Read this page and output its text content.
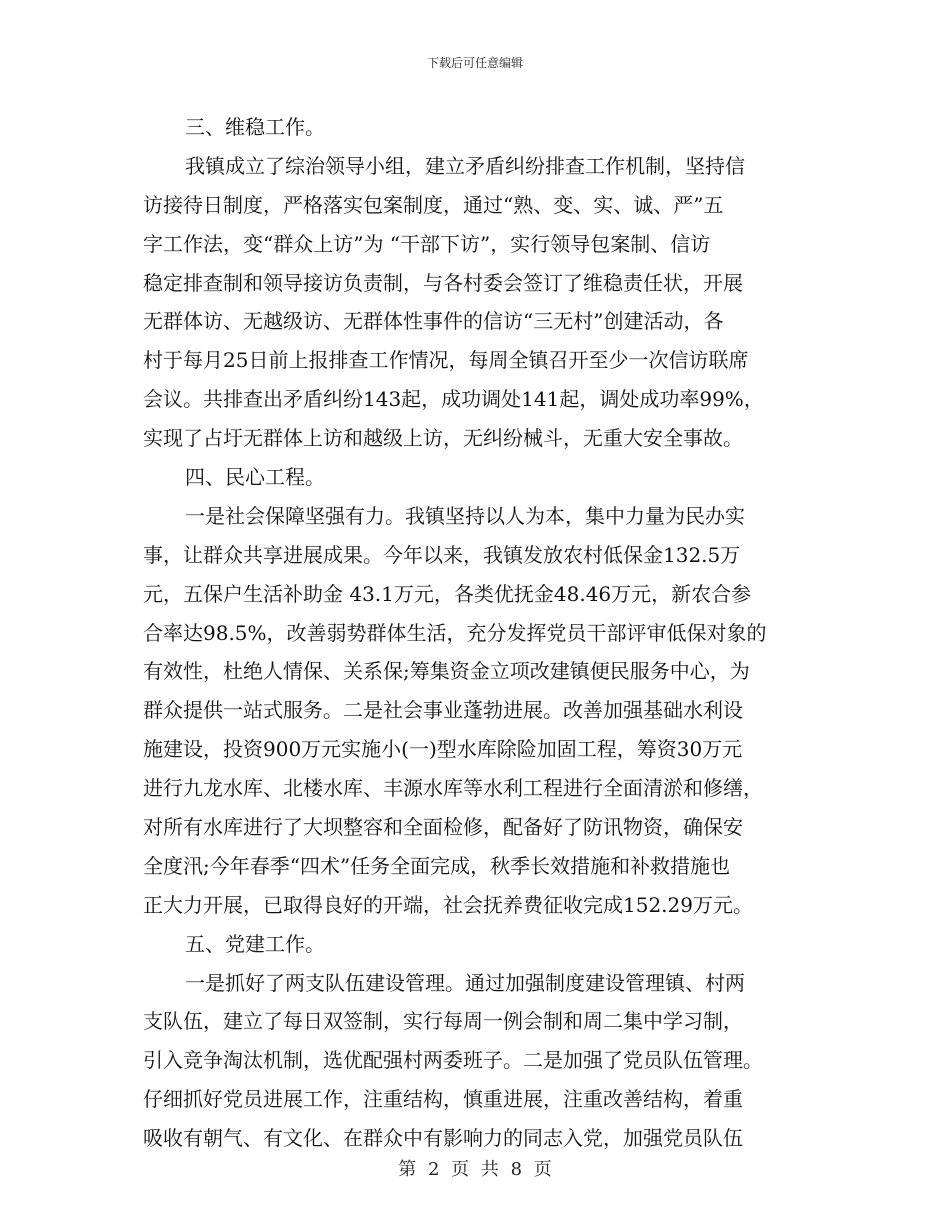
下载后可任意编辑
三、维稳工作。
我镇成立了综治领导小组，建立矛盾纠纷排查工作机制，坚持信
访接待日制度，严格落实包案制度，通过“熟、变、实、诚、严”五
字工作法，变“群众上访”为 “干部下访”，实行领导包案制、信访
稳定排查制和领导接访负责制，与各村委会签订了维稳责任状，开展
无群体访、无越级访、无群体性事件的信访“三无村”创建活动，各
村于每月25日前上报排查工作情况，每周全镇召开至少一次信访联席
会议。共排查出矛盾纠纷143起，成功调处141起，调处成功率99%，
实现了占圩无群体上访和越级上访，无纠纷械斗，无重大安全事故。
四、民心工程。
一是社会保障坚强有力。我镇坚持以人为本，集中力量为民办实
事，让群众共享进展成果。今年以来，我镇发放农村低保金132.5万
元，五保户生活补助金 43.1万元，各类优抚金48.46万元，新农合参
合率达98.5%，改善弱势群体生活，充分发挥党员干部评审低保对象的
有效性，杜绝人情保、关系保;筹集资金立项改建镇便民服务中心，为
群众提供一站式服务。二是社会事业蓬勃进展。改善加强基础水利设
施建设，投资900万元实施小(一)型水库除险加固工程，筹资30万元
进行九龙水库、北楼水库、丰源水库等水利工程进行全面清淤和修缮，
对所有水库进行了大坝整容和全面检修，配备好了防讯物资，确保安
全度汛;今年春季“四术”任务全面完成，秋季长效措施和补救措施也
正大力开展，已取得良好的开端，社会抚养费征收完成152.29万元。
五、党建工作。
一是抓好了两支队伍建设管理。通过加强制度建设管理镇、村两
支队伍，建立了每日双签制，实行每周一例会制和周二集中学习制，
引入竞争淘汰机制，选优配强村两委班子。二是加强了党员队伍管理。
仔细抓好党员进展工作，注重结构，慎重进展，注重改善结构，着重
吸收有朝气、有文化、在群众中有影响力的同志入党，加强党员队伍
第 2 页 共 8 页
